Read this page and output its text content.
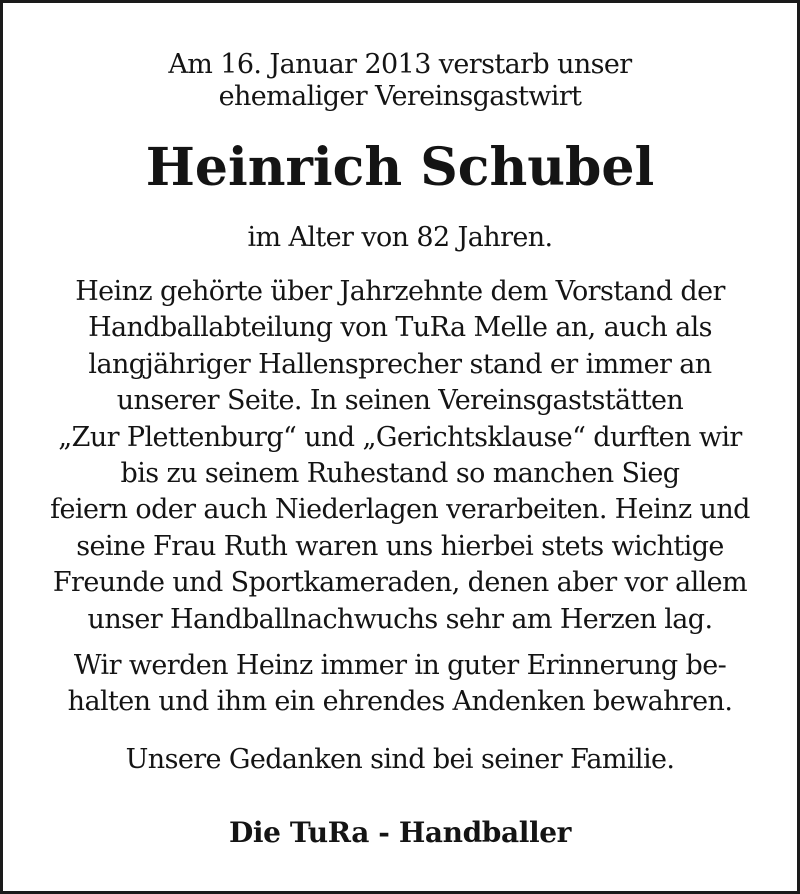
Am 16. Januar 2013 verstarb unser
ehemaliger Vereinsgastwirt
Heinrich Schubel
im Alter von 82 Jahren.
Heinz gehörte über Jahrzehnte dem Vorstand der
Handballabteilung von TuRa Melle an, auch als
langjähriger Hallensprecher stand er immer an
unserer Seite. In seinen Vereinsgaststätten
„Zur Plettenburg“ und „Gerichtsklause“ durften wir
bis zu seinem Ruhestand so manchen Sieg
feiern oder auch Niederlagen verarbeiten. Heinz und
seine Frau Ruth waren uns hierbei stets wichtige
Freunde und Sportkameraden, denen aber vor allem
unser Handballnachwuchs sehr am Herzen lag.
Wir werden Heinz immer in guter Erinnerung be-
halten und ihm ein ehrendes Andenken bewahren.
Unsere Gedanken sind bei seiner Familie.
Die TuRa - Handballer
